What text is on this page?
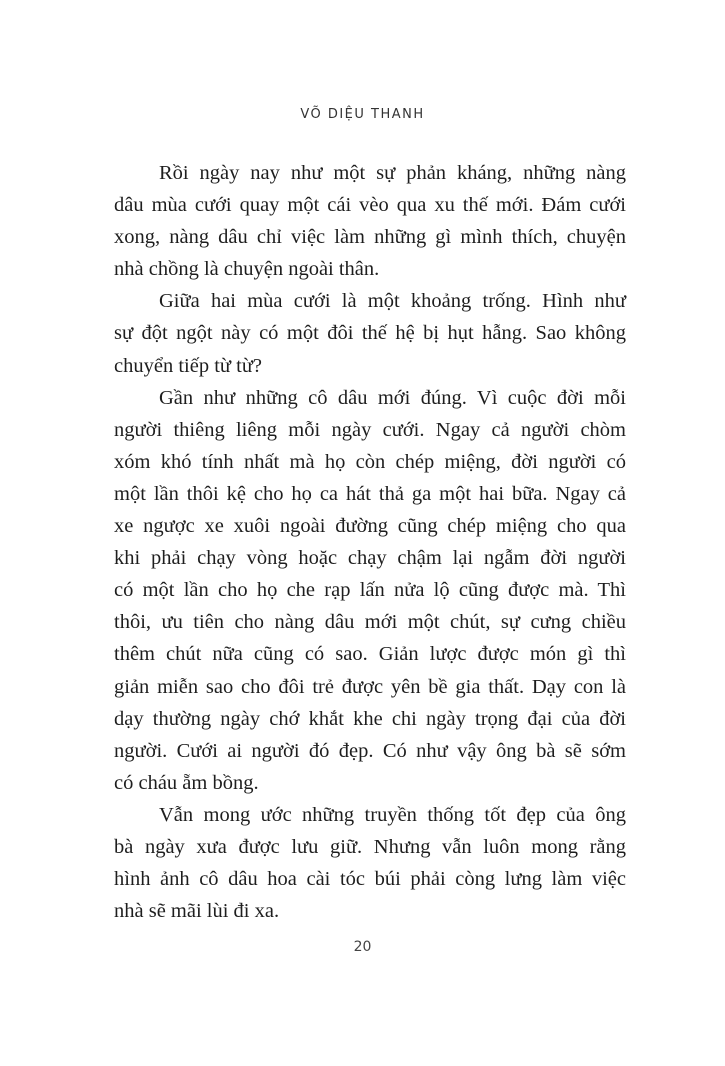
VÕ DIỆU THANH
Rồi ngày nay như một sự phản kháng, những nàng
dâu mùa cưới quay một cái vèo qua xu thế mới. Đám cưới
xong, nàng dâu chỉ việc làm những gì mình thích, chuyện
nhà chồng là chuyện ngoài thân.
Giữa hai mùa cưới là một khoảng trống. Hình như
sự đột ngột này có một đôi thế hệ bị hụt hẫng. Sao không
chuyển tiếp từ từ?
Gần như những cô dâu mới đúng. Vì cuộc đời mỗi
người thiêng liêng mỗi ngày cưới. Ngay cả người chòm
xóm khó tính nhất mà họ còn chép miệng, đời người có
một lần thôi kệ cho họ ca hát thả ga một hai bữa. Ngay cả
xe ngược xe xuôi ngoài đường cũng chép miệng cho qua
khi phải chạy vòng hoặc chạy chậm lại ngẫm đời người
có một lần cho họ che rạp lấn nửa lộ cũng được mà. Thì
thôi, ưu tiên cho nàng dâu mới một chút, sự cưng chiều
thêm chút nữa cũng có sao. Giản lược được món gì thì
giản miễn sao cho đôi trẻ được yên bề gia thất. Dạy con là
dạy thường ngày chớ khắt khe chi ngày trọng đại của đời
người. Cưới ai người đó đẹp. Có như vậy ông bà sẽ sớm
có cháu ẵm bồng.
Vẫn mong ước những truyền thống tốt đẹp của ông
bà ngày xưa được lưu giữ. Nhưng vẫn luôn mong rằng
hình ảnh cô dâu hoa cài tóc búi phải còng lưng làm việc
nhà sẽ mãi lùi đi xa.
20
